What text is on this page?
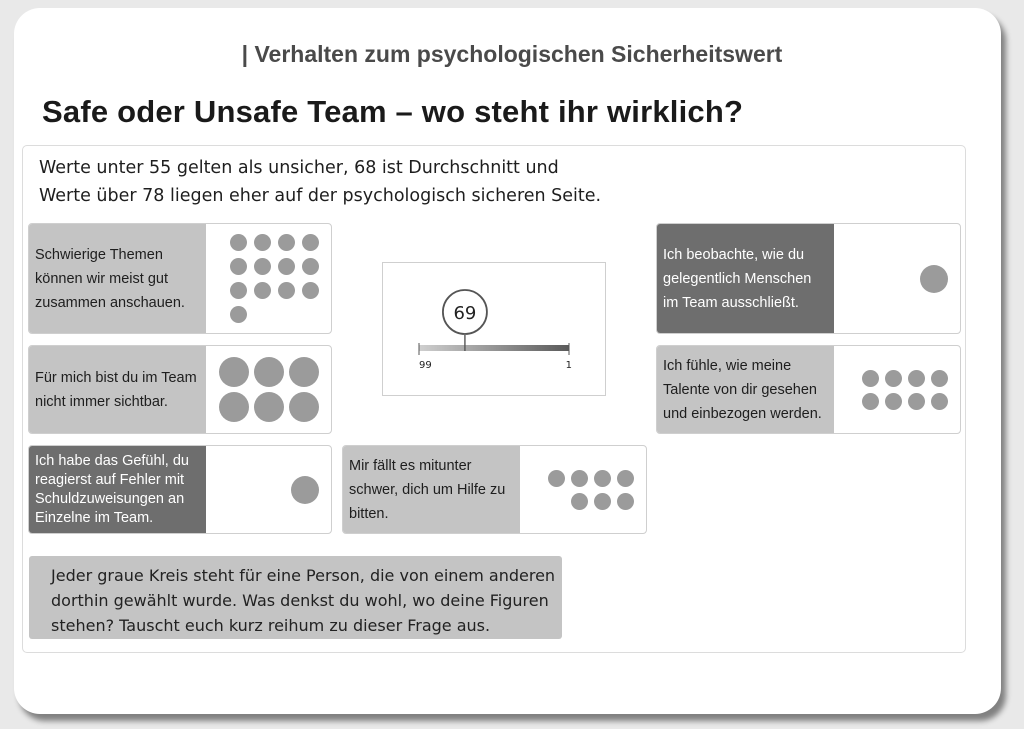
| Verhalten zum psychologischen Sicherheitswert
Safe oder Unsafe Team – wo steht ihr wirklich?
Werte unter 55 gelten als unsicher, 68 ist Durchschnitt und
Werte über 78 liegen eher auf der psychologisch sicheren Seite.
Schwierige Themen können wir meist gut zusammen anschauen.
Für mich bist du im Team nicht immer sichtbar.
Ich habe das Gefühl, du reagierst auf Fehler mit Schuldzuweisungen an Einzelne im Team.
Mir fällt es mitunter schwer, dich um Hilfe zu bitten.
Ich beobachte, wie du gelegentlich Menschen im Team ausschließt.
Ich fühle, wie meine Talente von dir gesehen und einbezogen werden.
69
99	1
Jeder graue Kreis steht für eine Person, die von einem anderen dorthin gewählt wurde. Was denkst du wohl, wo deine Figuren stehen? Tauscht euch kurz reihum zu dieser Frage aus.
